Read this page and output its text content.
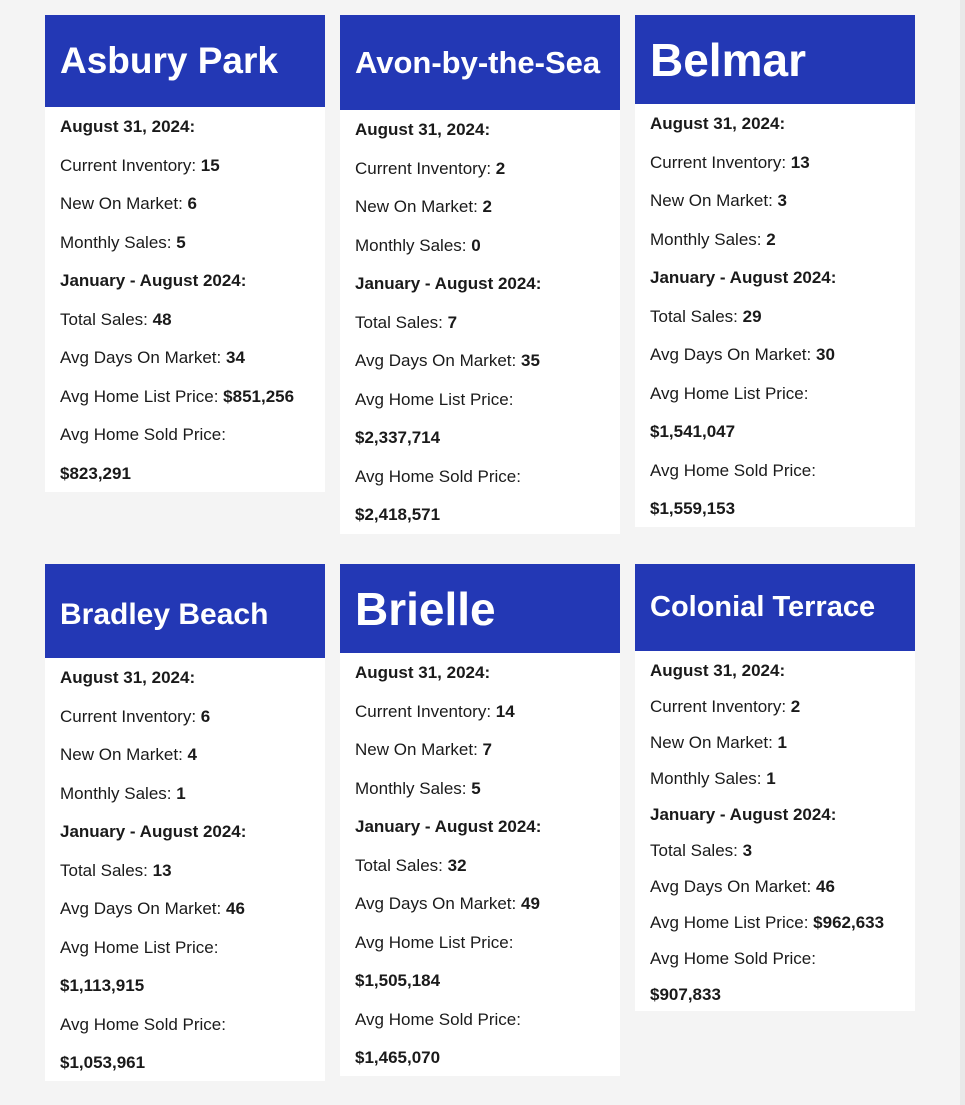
Asbury Park
August 31, 2024:
Current Inventory: 15
New On Market: 6
Monthly Sales: 5
January - August 2024:
Total Sales: 48
Avg Days On Market: 34
Avg Home List Price: $851,256
Avg Home Sold Price:
$823,291
Avon-by-the-Sea
August 31, 2024:
Current Inventory: 2
New On Market: 2
Monthly Sales: 0
January - August 2024:
Total Sales: 7
Avg Days On Market: 35
Avg Home List Price:
$2,337,714
Avg Home Sold Price:
$2,418,571
Belmar
August 31, 2024:
Current Inventory: 13
New On Market: 3
Monthly Sales: 2
January - August 2024:
Total Sales: 29
Avg Days On Market: 30
Avg Home List Price:
$1,541,047
Avg Home Sold Price:
$1,559,153
Bradley Beach
August 31, 2024:
Current Inventory: 6
New On Market: 4
Monthly Sales: 1
January - August 2024:
Total Sales: 13
Avg Days On Market: 46
Avg Home List Price:
$1,113,915
Avg Home Sold Price:
$1,053,961
Brielle
August 31, 2024:
Current Inventory: 14
New On Market: 7
Monthly Sales: 5
January - August 2024:
Total Sales: 32
Avg Days On Market: 49
Avg Home List Price:
$1,505,184
Avg Home Sold Price:
$1,465,070
Colonial Terrace
August 31, 2024:
Current Inventory: 2
New On Market: 1
Monthly Sales: 1
January - August 2024:
Total Sales: 3
Avg Days On Market: 46
Avg Home List Price: $962,633
Avg Home Sold Price:
$907,833
